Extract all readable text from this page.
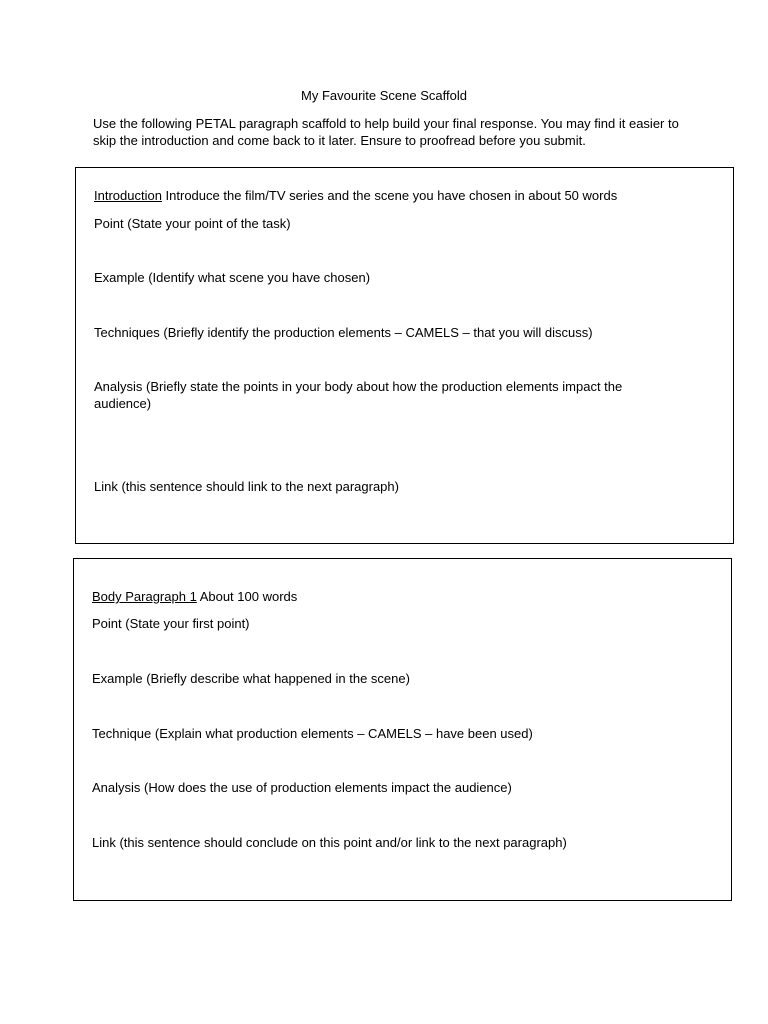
My Favourite Scene Scaffold
Use the following PETAL paragraph scaffold to help build your final response. You may find it easier to skip the introduction and come back to it later. Ensure to proofread before you submit.
Introduction Introduce the film/TV series and the scene you have chosen in about 50 words
Point (State your point of the task)
Example (Identify what scene you have chosen)
Techniques (Briefly identify the production elements – CAMELS – that you will discuss)
Analysis (Briefly state the points in your body about how the production elements impact the audience)
Link (this sentence should link to the next paragraph)
Body Paragraph 1 About 100 words
Point (State your first point)
Example (Briefly describe what happened in the scene)
Technique (Explain what production elements – CAMELS – have been used)
Analysis (How does the use of production elements impact the audience)
Link (this sentence should conclude on this point and/or link to the next paragraph)
